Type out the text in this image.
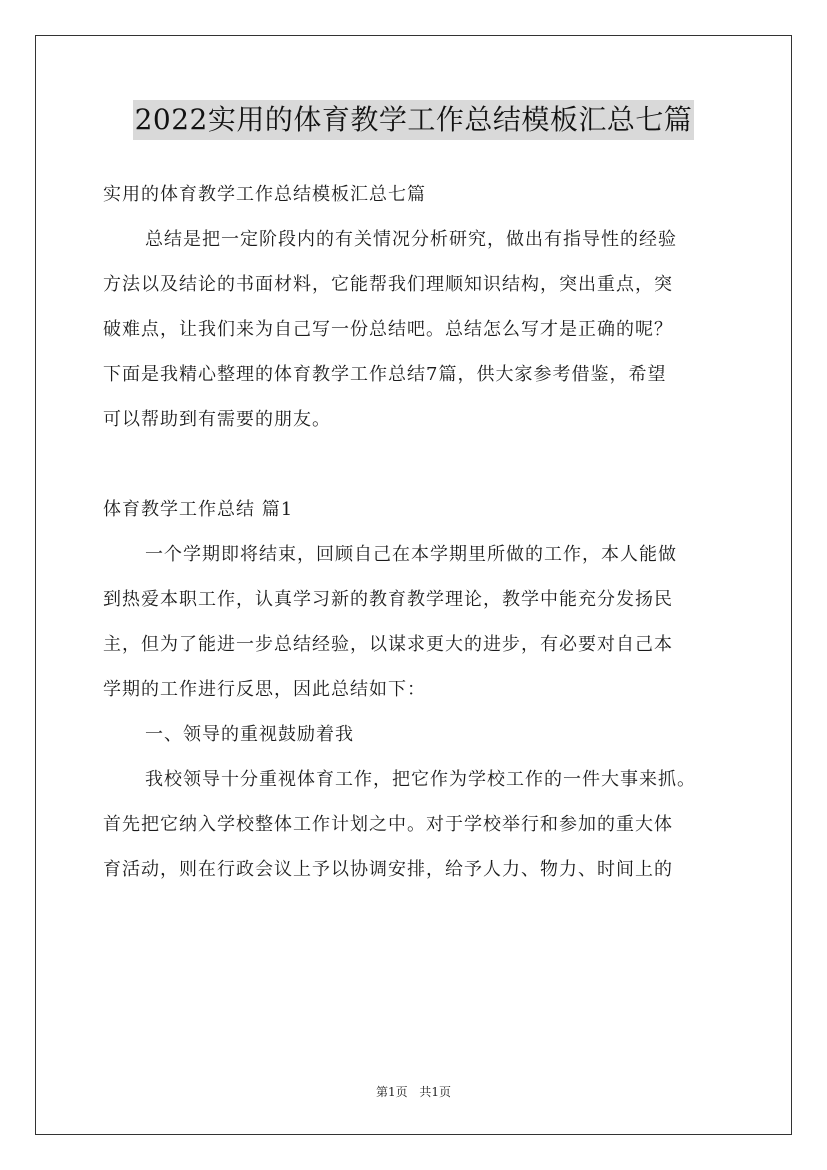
2022实用的体育教学工作总结模板汇总七篇
实用的体育教学工作总结模板汇总七篇
总结是把一定阶段内的有关情况分析研究，做出有指导性的经验
方法以及结论的书面材料，它能帮我们理顺知识结构，突出重点，突
破难点，让我们来为自己写一份总结吧。总结怎么写才是正确的呢？
下面是我精心整理的体育教学工作总结7篇，供大家参考借鉴，希望
可以帮助到有需要的朋友。
体育教学工作总结 篇1
一个学期即将结束，回顾自己在本学期里所做的工作，本人能做
到热爱本职工作，认真学习新的教育教学理论，教学中能充分发扬民
主，但为了能进一步总结经验，以谋求更大的进步，有必要对自己本
学期的工作进行反思，因此总结如下：
一、领导的重视鼓励着我
我校领导十分重视体育工作，把它作为学校工作的一件大事来抓。
首先把它纳入学校整体工作计划之中。对于学校举行和参加的重大体
育活动，则在行政会议上予以协调安排，给予人力、物力、时间上的
第1页 共1页
